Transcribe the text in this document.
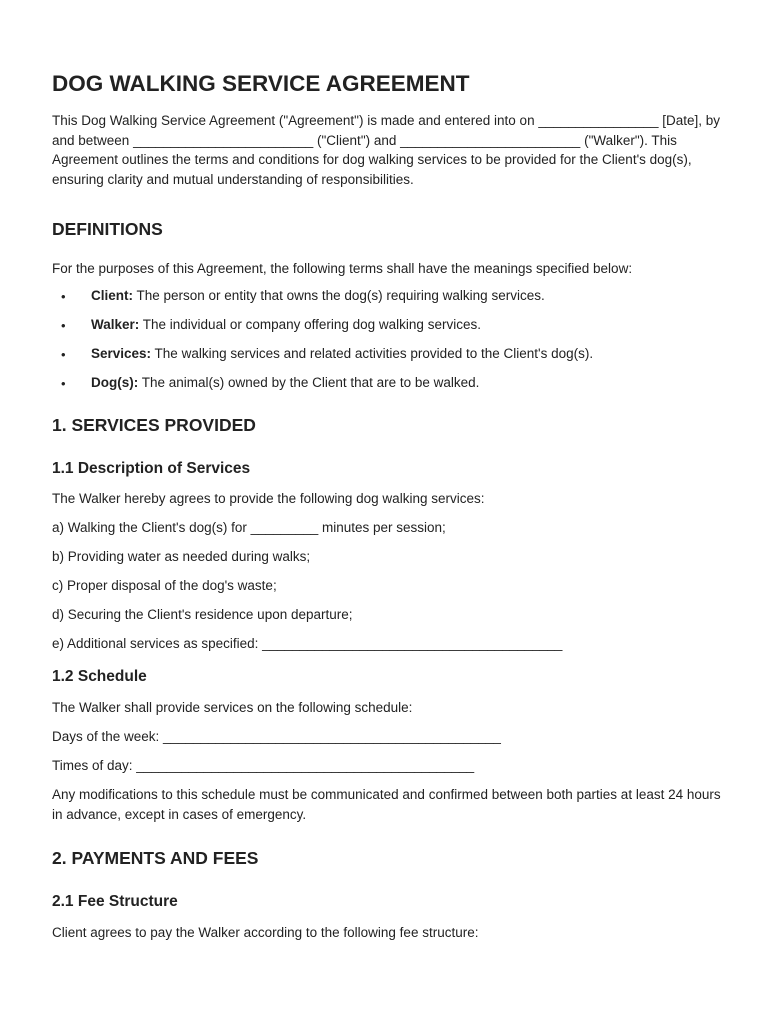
DOG WALKING SERVICE AGREEMENT

This Dog Walking Service Agreement ("Agreement") is made and entered into on ________________ [Date], by and between ________________________ ("Client") and ________________________ ("Walker"). This Agreement outlines the terms and conditions for dog walking services to be provided for the Client's dog(s), ensuring clarity and mutual understanding of responsibilities.

DEFINITIONS

For the purposes of this Agreement, the following terms shall have the meanings specified below:

• Client: The person or entity that owns the dog(s) requiring walking services.
• Walker: The individual or company offering dog walking services.
• Services: The walking services and related activities provided to the Client's dog(s).
• Dog(s): The animal(s) owned by the Client that are to be walked.
1. SERVICES PROVIDED
1.1 Description of Services

The Walker hereby agrees to provide the following dog walking services:

a) Walking the Client's dog(s) for _________ minutes per session;

b) Providing water as needed during walks;

c) Proper disposal of the dog's waste;

d) Securing the Client's residence upon departure;

e) Additional services as specified: ________________________________________

1.2 Schedule

The Walker shall provide services on the following schedule:

Days of the week: _____________________________________________

Times of day: _____________________________________________

Any modifications to this schedule must be communicated and confirmed between both parties at least 24 hours in advance, except in cases of emergency.

2. PAYMENTS AND FEES
2.1 Fee Structure

Client agrees to pay the Walker according to the following fee structure:
